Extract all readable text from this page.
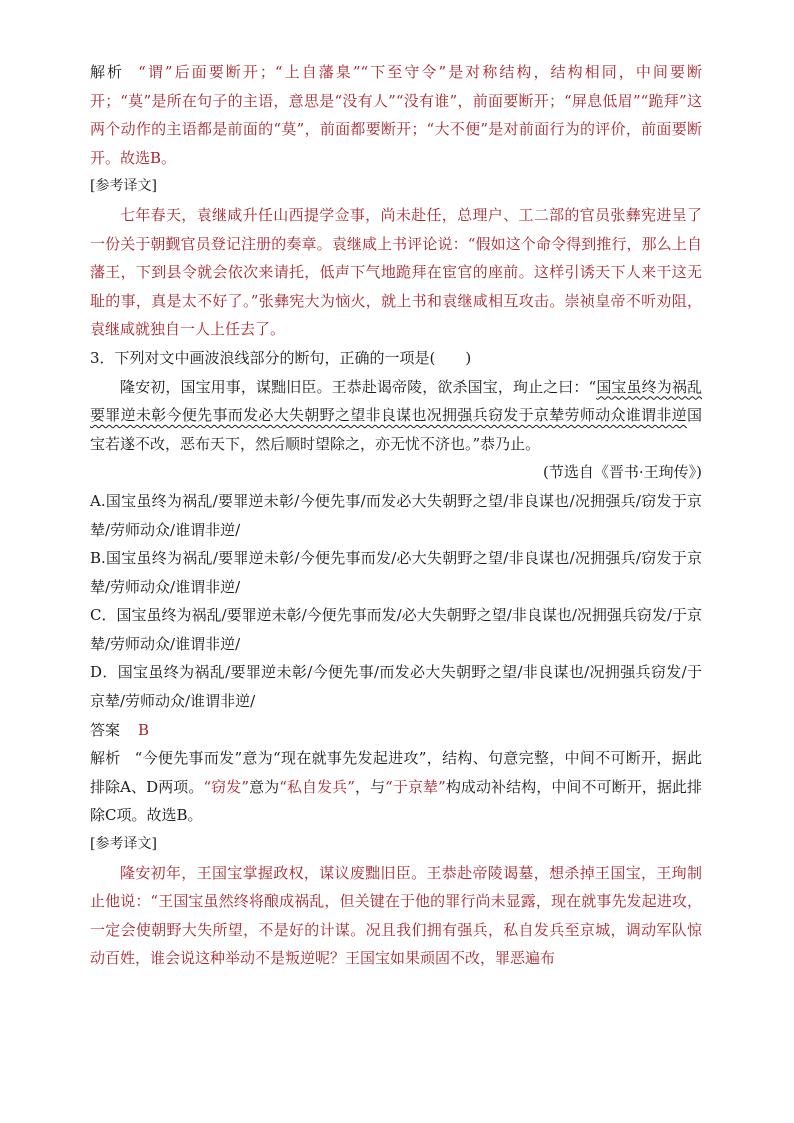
解析 “谓”后面要断开；“上自藩臬”“下至守令”是对称结构，结构相同，中间要断开；“莫”是所在句子的主语，意思是“没有人”“没有谁”，前面要断开；“屏息低眉”“跪拜”这两个动作的主语都是前面的“莫”，前面都要断开；“大不便”是对前面行为的评价，前面要断开。故选B。

[参考译文]

七年春天，袁继咸升任山西提学佥事，尚未赴任，总理户、工二部的官员张彝宪进呈了一份关于朝觐官员登记注册的奏章。袁继咸上书评论说：“假如这个命令得到推行，那么上自藩王，下到县令就会依次来请托，低声下气地跪拜在宦官的座前。这样引诱天下人来干这无耻的事，真是太不好了。”张彝宪大为恼火，就上书和袁继咸相互攻击。崇祯皇帝不听劝阻，袁继咸就独自一人上任去了。

3．下列对文中画波浪线部分的断句，正确的一项是(　　)

隆安初，国宝用事，谋黜旧臣。王恭赴谒帝陵，欲杀国宝，珣止之曰：“国宝虽终为祸乱要罪逆未彰今便先事而发必大失朝野之望非良谋也况拥强兵窃发于京辇劳师动众谁谓非逆国宝若遂不改，恶布天下，然后顺时望除之，亦无忧不济也。”恭乃止。

(节选自《晋书·王珣传》)

A.国宝虽终为祸乱/要罪逆未彰/今便先事/而发必大失朝野之望/非良谋也/况拥强兵/窃发于京辇/劳师动众/谁谓非逆/

B.国宝虽终为祸乱/要罪逆未彰/今便先事而发/必大失朝野之望/非良谋也/况拥强兵/窃发于京辇/劳师动众/谁谓非逆/

C．国宝虽终为祸乱/要罪逆未彰/今便先事而发/必大失朝野之望/非良谋也/况拥强兵窃发/于京辇/劳师动众/谁谓非逆/

D．国宝虽终为祸乱/要罪逆未彰/今便先事/而发必大失朝野之望/非良谋也/况拥强兵窃发/于京辇/劳师动众/谁谓非逆/

答案 B

解析 “今便先事而发”意为“现在就事先发起进攻”，结构、句意完整，中间不可断开，据此排除A、D两项。“窃发”意为“私自发兵”，与“于京辇”构成动补结构，中间不可断开，据此排除C项。故选B。

[参考译文]

隆安初年，王国宝掌握政权，谋议废黜旧臣。王恭赴帝陵谒墓，想杀掉王国宝，王珣制止他说：“王国宝虽然终将酿成祸乱，但关键在于他的罪行尚未显露，现在就事先发起进攻，一定会使朝野大失所望，不是好的计谋。况且我们拥有强兵，私自发兵至京城，调动军队惊动百姓，谁会说这种举动不是叛逆呢？王国宝如果顽固不改，罪恶遍布
